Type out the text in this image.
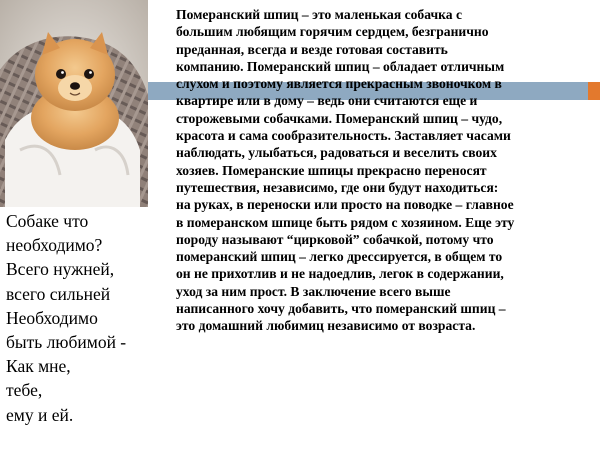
Собаке что
необходимо?
Всего нужней,
всего сильней
Необходимо
быть любимой -
Как мне,
тебе,
ему и ей.
Померанский шпиц – это маленькая собачка с
большим любящим горячим сердцем, безгранично
преданная, всегда и везде готовая составить
компанию. Померанский шпиц – обладает отличным
слухом и поэтому является прекрасным звоночком в
квартире или в дому – ведь они считаются еще и
сторожевыми собачками. Померанский шпиц – чудо,
красота и сама сообразительность. Заставляет часами
наблюдать, улыбаться, радоваться и веселить своих
хозяев. Померанские шпицы прекрасно переносят
путешествия, независимо, где они будут находиться:
на руках, в переноски или просто на поводке – главное
в померанском шпице быть рядом с хозяином. Еще эту
породу называют “цирковой” собачкой, потому что
померанский шпиц – легко дрессируется, в общем то
он не прихотлив и не надоедлив, легок в содержании,
уход за ним прост. В заключение всего выше
написанного хочу добавить, что померанский шпиц –
это домашний любимиц независимо от возраста.
